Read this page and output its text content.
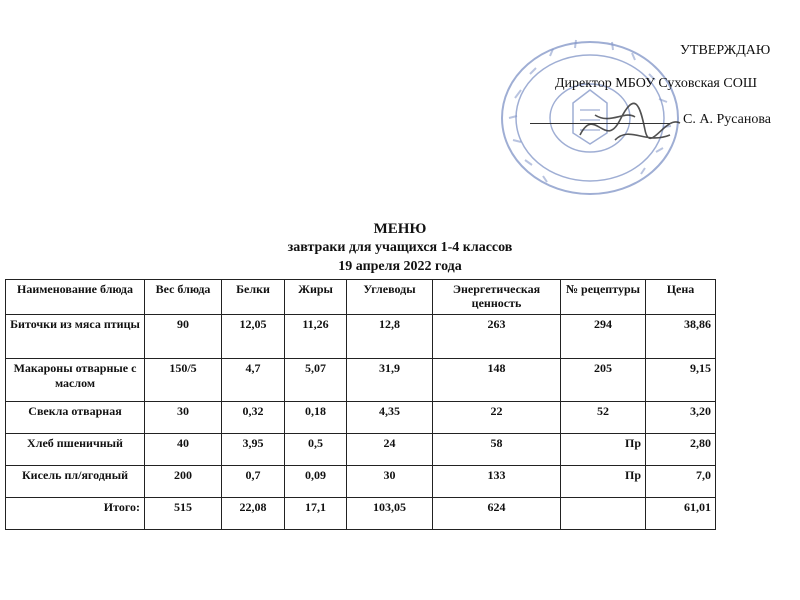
УТВЕРЖДАЮ
Директор МБОУ Суховская СОШ
С. А. Русанова
МЕНЮ
завтраки для учащихся 1-4 классов
19 апреля 2022 года
Наименование блюда	Вес блюда	Белки	Жиры	Углеводы	Энергетическая ценность	№ рецептуры	Цена
Биточки из мяса птицы	90	12,05	11,26	12,8	263	294	38,86
Макароны отварные с маслом	150/5	4,7	5,07	31,9	148	205	9,15
Свекла отварная	30	0,32	0,18	4,35	22	52	3,20
Хлеб пшеничный	40	3,95	0,5	24	58	Пр	2,80
Кисель пл/ягодный	200	0,7	0,09	30	133	Пр	7,0
Итого:	515	22,08	17,1	103,05	624		61,01
